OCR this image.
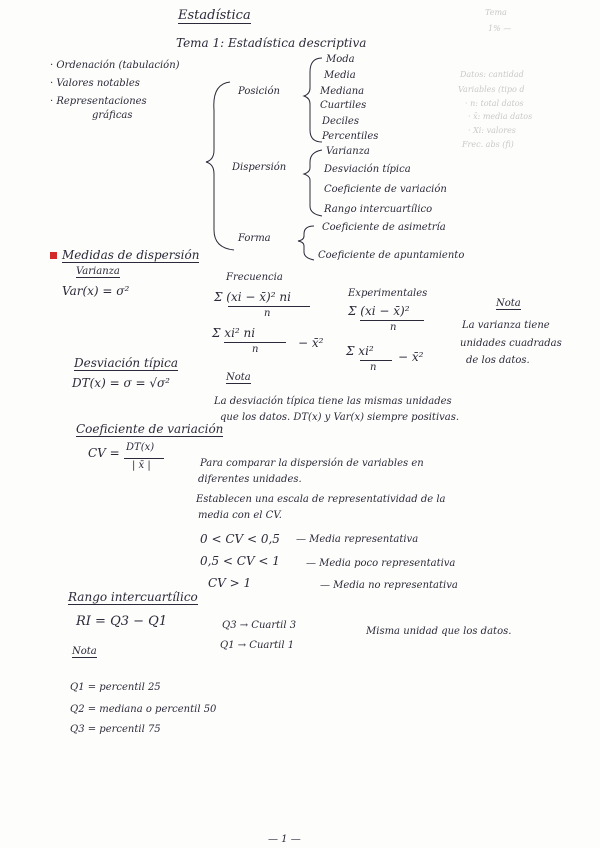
Estadística
Tema 1: Estadística descriptiva
Tema
1% —
· Ordenación (tabulación)
· Valores notables
· Representaciones
gráficas
Posición
Moda
Media
Mediana
Cuartiles
Deciles
Percentiles
Dispersión
Varianza
Desviación típica
Coeficiente de variación
Rango intercuartílico
Forma
Coeficiente de asimetría
Coeficiente de apuntamiento
Datos: cantidad
Variables (tipo d
· n: total datos
· x̄: media datos
· Xi: valores
Frec. abs (fi)
Medidas de dispersión
Varianza
Var(x) = σ²
Frecuencia
Σ (xi − x̄)² ni
n
Σ xi² ni
n	− x̄²
Experimentales
Σ (xi − x̄)²
n
Σ xi²
n
− x̄²
Nota
La varianza tiene
unidades cuadradas
de los datos.
Desviación típica
DT(x) = σ = √σ²	Nota
La desviación típica tiene las mismas unidades
que los datos. DT(x) y Var(x) siempre positivas.
Coeficiente de variación
CV = DT(x)
| x̄ |	Para comparar la dispersión de variables en
diferentes unidades.
Establecen una escala de representatividad de la
media con el CV.
0 < CV < 0,5 — Media representativa
0,5 < CV < 1	— Media poco representativa
CV > 1	— Media no representativa
Rango intercuartílico
RI = Q3 − Q1	Q3 → Cuartil 3
Q1 → Cuartil 1
Misma unidad que los datos.
Nota
Q1 = percentil 25
Q2 = mediana o percentil 50
Q3 = percentil 75
— 1 —
